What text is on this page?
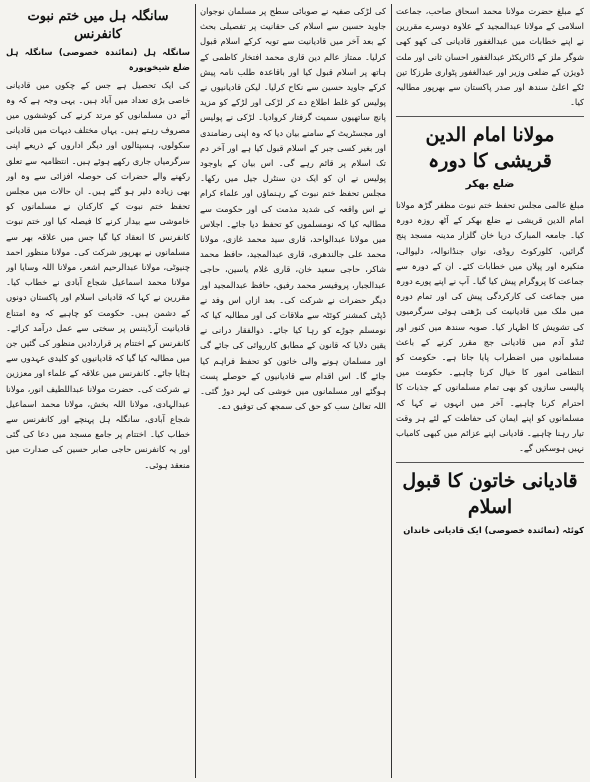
کے مبلغ حضرت مولانا محمد اسحاق صاحب، جماعت اسلامی کے مولانا عبدالمجید کے علاوہ دوسرے مقررین نے اپنے خطابات میں عبدالغفور قادیانی کی کھو کھی شوگر ملز کے ڈائریکٹر عبدالغفور احسان ثانی اور ملت ڈویژن کے ضلعی وزیر اور عبدالغفور پٹواری طرزکا تین ٹکے اعلیٰ سندھ اور صدر پاکستان سے بھرپور مطالبہ کیا۔

مولانا امام الدین قریشی کا دورہ
ضلع بھکر

مبلغ عالمی مجلس تحفظ ختم نبوت مظفر گڑھ مولانا امام الدین قریشی نے ضلع بھکر کے آٹھ روزہ دورہ کیا۔ جامعہ المبارک دریا خان گلزار مدینہ مسجد پنج گرائیں، کلورکوٹ روڈی، نواں جنڈانوالہ، دلیوالی، منکیرہ اور پپلاں میں خطابات کئے۔ ان کے دورہ سے جماعت کا پروگرام پیش کیا گیا۔ آپ نے اپنے پورے دورہ میں جماعت کی کارکردگی پیش کی اور تمام دورہ میں ملک میں قادیانیت کی بڑھتی ہوئی سرگرمیوں کی تشویش کا اظہار کیا۔ صوبہ سندھ میں کنور اور ٹنڈو آدم میں قادیانی جج مقرر کرنے کے باعث مسلمانوں میں اضطراب پایا جاتا ہے۔ حکومت کو انتظامی امور کا خیال کرنا چاہیے۔ حکومت میں پالیسی سازوں کو بھی تمام مسلمانوں کے جذبات کا احترام کرنا چاہیے۔ آخر میں انہوں نے کہا کہ مسلمانوں کو اپنے ایمان کی حفاظت کے لئے ہر وقت تیار رہنا چاہیے۔ قادیانی اپنے عزائم میں کبھی کامیاب نہیں ہوسکیں گے۔

قادیانی خاتون کا قبول اسلام

کوئٹہ (نمائندہ خصوصی) ایک قادیانی خاندان

کی لڑکی صفیہ نے صوبائی سطح پر مسلمان نوجوان جاوید حسین سے اسلام کی حقانیت پر تفصیلی بحث کے بعد آخر میں قادیانیت سے توبہ کرکے اسلام قبول کرلیا۔ ممتاز عالم دین قاری محمد افتخار کاظمی کے ہاتھ پر اسلام قبول کیا اور باقاعدہ طلب نامہ پیش کرکے جاوید حسین سے نکاح کرلیا۔ لیکن قادیانیوں نے پولیس کو غلط اطلاع دے کر لڑکی اور لڑکے کو مزید پانچ ساتھیوں سمیت گرفتار کروادیا۔ لڑکی نے پولیس اور مجسٹریٹ کے سامنے بیان دیا کہ وہ اپنی رضامندی اور بغیر کسی جبر کے اسلام قبول کیا ہے اور آخر دم تک اسلام پر قائم رہے گی۔ اس بیان کے باوجود پولیس نے ان کو ایک دن سنٹرل جیل میں رکھا۔ مجلس تحفظ ختم نبوت کے رہنماؤں اور علماء کرام نے اس واقعہ کی شدید مذمت کی اور حکومت سے مطالبہ کیا کہ نومسلموں کو تحفظ دیا جائے۔ اجلاس میں مولانا عبدالواحد، قاری سید محمد غازی، مولانا محمد علی جالندھری، قاری عبدالمجید، حافظ محمد شاکر، حاجی سعید خان، قاری غلام یاسین، حاجی عبدالجبار، پروفیسر محمد رفیق، حافظ عبدالمجید اور دیگر حضرات نے شرکت کی۔ بعد ازاں اس وفد نے ڈپٹی کمشنر کوئٹہ سے ملاقات کی اور مطالبہ کیا کہ نومسلم جوڑے کو رہا کیا جائے۔ ذوالفقار درانی نے یقین دلایا کہ قانون کے مطابق کارروائی کی جائے گی اور مسلمان ہونے والی خاتون کو تحفظ فراہم کیا جائے گا۔ اس اقدام سے قادیانیوں کے حوصلے پست ہوگئے اور مسلمانوں میں خوشی کی لہر دوڑ گئی۔ اللہ تعالیٰ سب کو حق کی سمجھ کی توفیق دے۔

سانگلہ ہل میں ختم نبوت کانفرنس

سانگلہ ہل (نمائندہ خصوصی) سانگلہ ہل ضلع شیخوپورہ

کی ایک تحصیل ہے جس کے چکوں میں قادیانی خاصی بڑی تعداد میں آباد ہیں۔ یہی وجہ ہے کہ وہ آئے دن مسلمانوں کو مرتد کرنے کی کوششوں میں مصروف رہتے ہیں۔ یہاں مختلف دیہات میں قادیانی سکولوں، ہسپتالوں اور دیگر اداروں کے ذریعے اپنی سرگرمیاں جاری رکھے ہوئے ہیں۔ انتظامیہ سے تعلق رکھنے والے حضرات کی حوصلہ افزائی سے وہ اور بھی زیادہ دلیر ہو گئے ہیں۔ ان حالات میں مجلس تحفظ ختم نبوت کے کارکنان نے مسلمانوں کو خاموشی سے بیدار کرنے کا فیصلہ کیا اور ختم نبوت کانفرنس کا انعقاد کیا گیا جس میں علاقہ بھر سے مسلمانوں نے بھرپور شرکت کی۔ مولانا منظور احمد چنیوٹی، مولانا عبدالرحیم اشعر، مولانا اللہ وسایا اور مولانا محمد اسماعیل شجاع آبادی نے خطاب کیا۔ مقررین نے کہا کہ قادیانی اسلام اور پاکستان دونوں کے دشمن ہیں۔ حکومت کو چاہیے کہ وہ امتناع قادیانیت آرڈیننس پر سختی سے عمل درآمد کرائے۔ کانفرنس کے اختتام پر قراردادیں منظور کی گئیں جن میں مطالبہ کیا گیا کہ قادیانیوں کو کلیدی عہدوں سے ہٹایا جائے۔ کانفرنس میں علاقہ کے علماء اور معززین نے شرکت کی۔ حضرت مولانا عبداللطیف انور، مولانا عبدالہادی، مولانا اللہ بخش، مولانا محمد اسماعیل شجاع آبادی، سانگلہ ہل پہنچے اور کانفرنس سے خطاب کیا۔ اختتام پر جامع مسجد میں دعا کی گئی اور یہ کانفرنس حاجی صابر حسین کی صدارت میں منعقد ہوئی۔
